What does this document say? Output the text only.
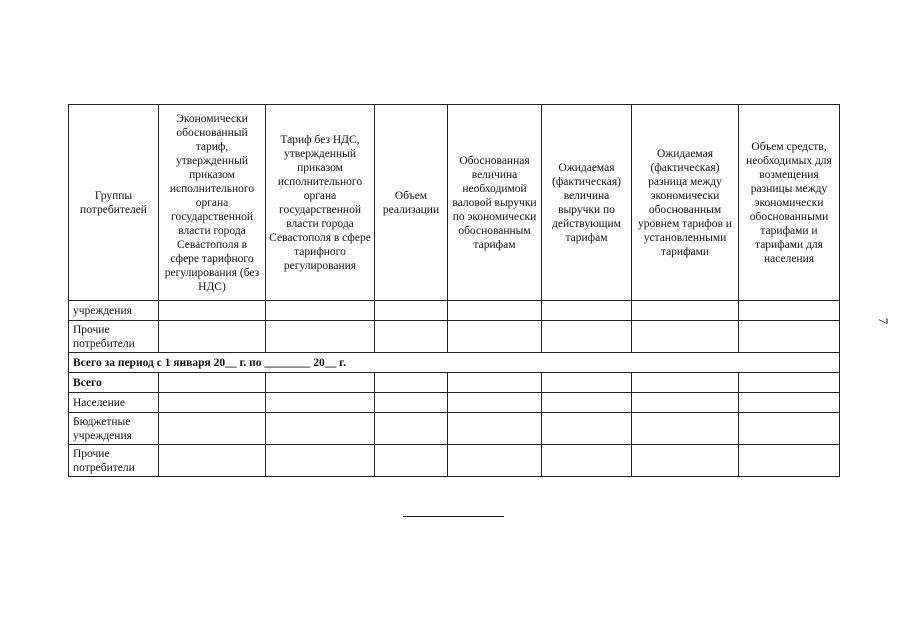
Группы потребителей	Экономически обоснованный тариф, утвержденный приказом исполнительного органа государственной власти города Севастополя в сфере тарифного регулирования (без НДС)	Тариф без НДС, утвержденный приказом исполнительного органа государственной власти города Севастополя в сфере тарифного регулирования	Объем реализации	Обоснованная величина необходимой валовой выручки по экономически обоснованным тарифам	Ожидаемая (фактическая) величина выручки по действующим тарифам	Ожидаемая (фактическая) разница между экономически обоснованным уровнем тарифов и установленными тарифами	Объем средств, необходимых для возмещения разницы между экономически обоснованными тарифами и тарифами для населения
учреждения							
Прочие потребители							
Всего за период с 1 января 20__ г. по ________ 20__ г.							
Всего							
Население							
Бюджетные учреждения							
Прочие потребители							
7
